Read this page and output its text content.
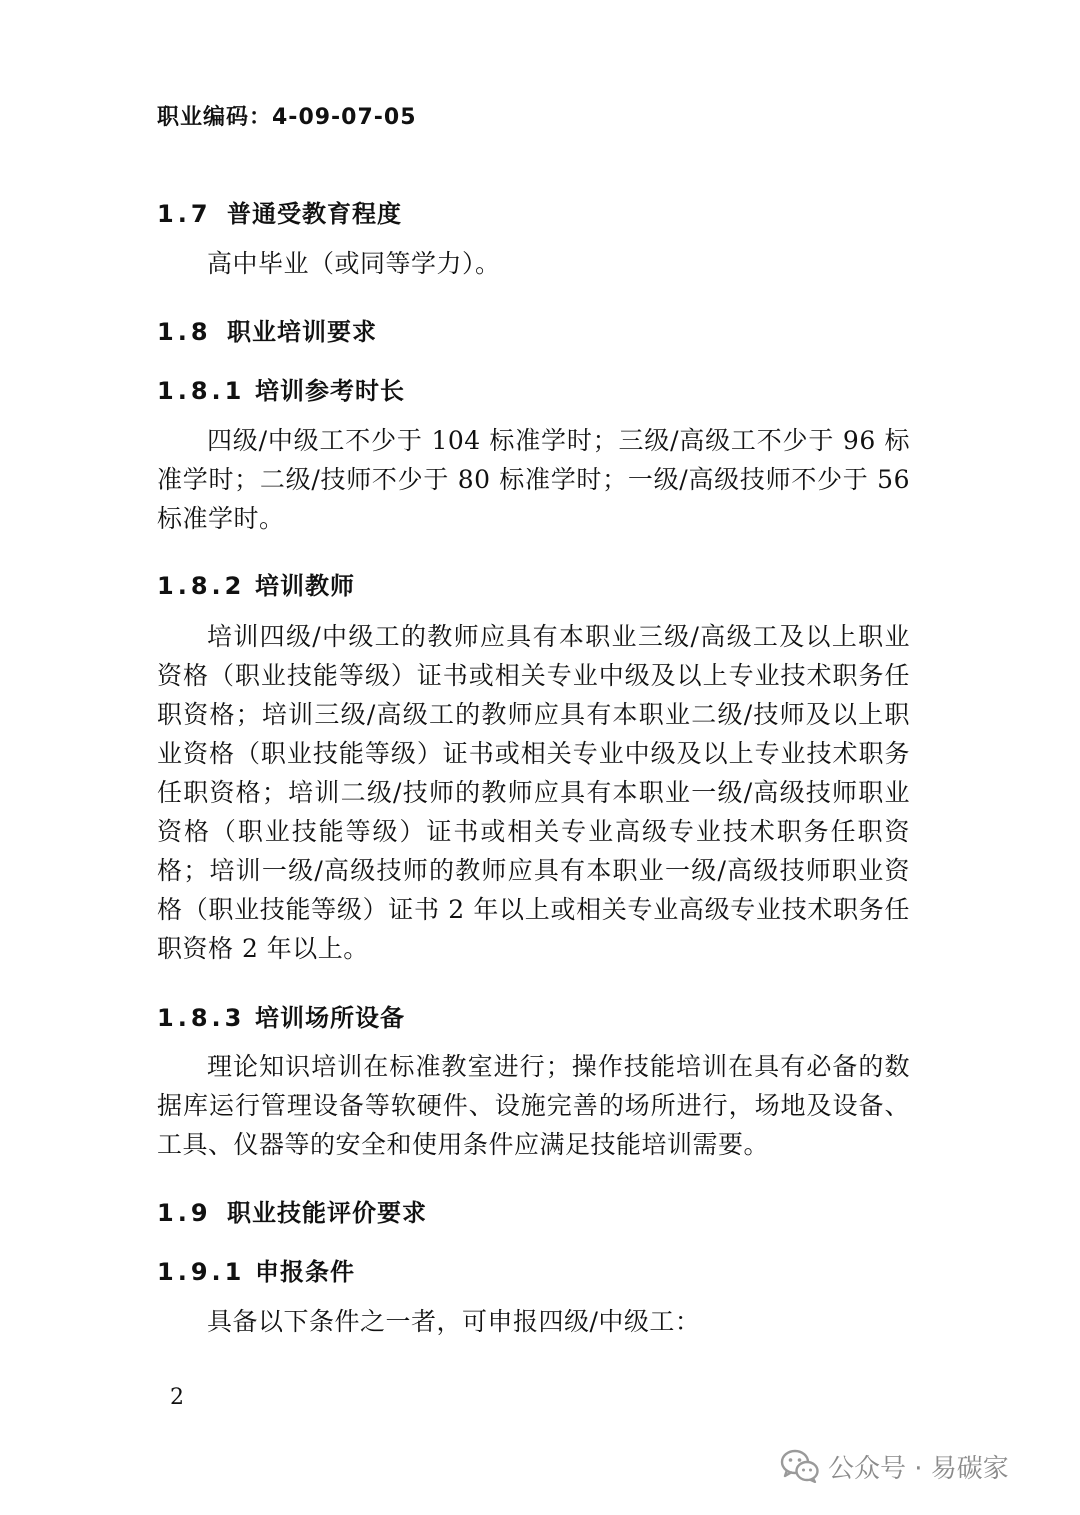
职业编码：4-09-07-05
1.7 普通受教育程度
高中毕业（或同等学力）。
1.8 职业培训要求
1.8.1 培训参考时长
四级/中级工不少于 104 标准学时；三级/高级工不少于 96 标准学时；二级/技师不少于 80 标准学时；一级/高级技师不少于 56 标准学时。
1.8.2 培训教师
培训四级/中级工的教师应具有本职业三级/高级工及以上职业资格（职业技能等级）证书或相关专业中级及以上专业技术职务任职资格；培训三级/高级工的教师应具有本职业二级/技师及以上职业资格（职业技能等级）证书或相关专业中级及以上专业技术职务任职资格；培训二级/技师的教师应具有本职业一级/高级技师职业资格（职业技能等级）证书或相关专业高级专业技术职务任职资格；培训一级/高级技师的教师应具有本职业一级/高级技师职业资格（职业技能等级）证书 2 年以上或相关专业高级专业技术职务任职资格 2 年以上。
1.8.3 培训场所设备
理论知识培训在标准教室进行；操作技能培训在具有必备的数据库运行管理设备等软硬件、设施完善的场所进行，场地及设备、工具、仪器等的安全和使用条件应满足技能培训需要。
1.9 职业技能评价要求
1.9.1 申报条件
具备以下条件之一者，可申报四级/中级工：
2
公众号 · 易碳家
